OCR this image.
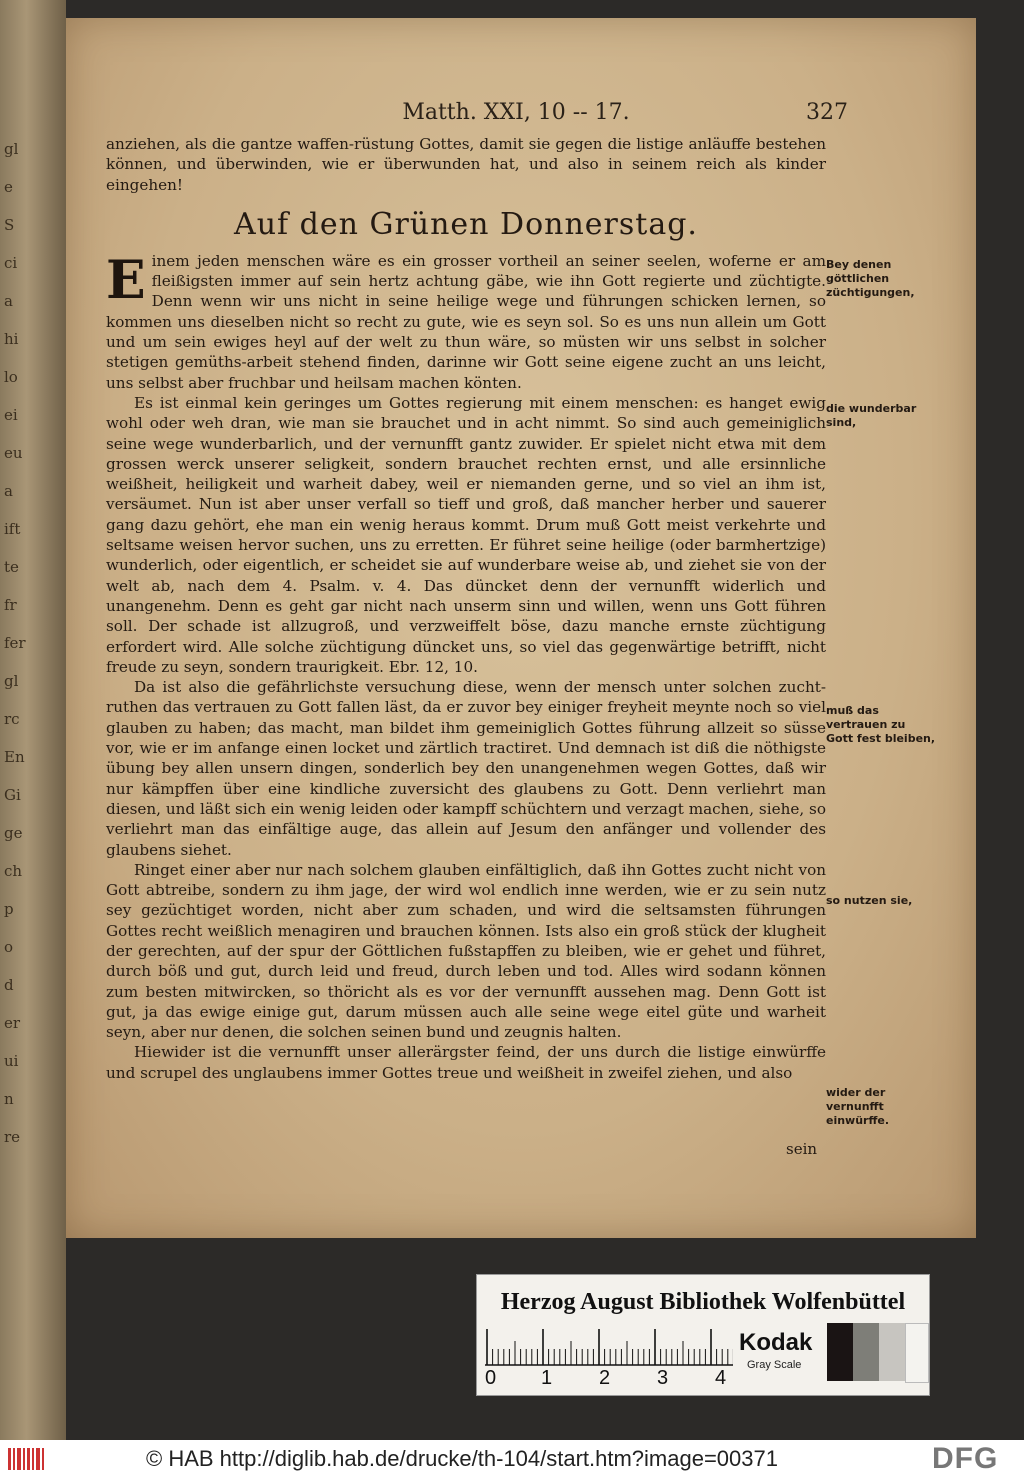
gl
e
S
ci
a
hi
lo
ei
eu
a
ift
te
fr
fer
gl
rc
En
Gi
ge
ch
p
o
d
er
ui
n
re
Matth. XXI, 10 -- 17.	327

anziehen, als die gantze waffen-rüstung Gottes, damit sie gegen die listige anläuffe bestehen können, und überwinden, wie er überwunden hat, und also in seinem reich als kinder eingehen!

Auf den Grünen Donnerstag.

Einem jeden menschen wäre es ein grosser vortheil an seiner seelen, woferne er am fleißigsten immer auf sein hertz achtung gäbe, wie ihn Gott regierte und züchtigte. Denn wenn wir uns nicht in seine heilige wege und führungen schicken lernen, so kommen uns dieselben nicht so recht zu gute, wie es seyn sol. So es uns nun allein um Gott und um sein ewiges heyl auf der welt zu thun wäre, so müsten wir uns selbst in solcher stetigen gemüths-arbeit stehend finden, darinne wir Gott seine eigene zucht an uns leicht, uns selbst aber fruchbar und heilsam machen könten.

Es ist einmal kein geringes um Gottes regierung mit einem menschen: es hanget ewig wohl oder weh dran, wie man sie brauchet und in acht nimmt. So sind auch gemeiniglich seine wege wunderbarlich, und der vernunfft gantz zuwider. Er spielet nicht etwa mit dem grossen werck unserer seligkeit, sondern brauchet rechten ernst, und alle ersinnliche weißheit, heiligkeit und warheit dabey, weil er niemanden gerne, und so viel an ihm ist, versäumet. Nun ist aber unser verfall so tieff und groß, daß mancher herber und sauerer gang dazu gehört, ehe man ein wenig heraus kommt. Drum muß Gott meist verkehrte und seltsame weisen hervor suchen, uns zu erretten. Er führet seine heilige (oder barmhertzige) wunderlich, oder eigentlich, er scheidet sie auf wunderbare weise ab, und ziehet sie von der welt ab, nach dem 4. Psalm. v. 4. Das düncket denn der vernunfft widerlich und unangenehm. Denn es geht gar nicht nach unserm sinn und willen, wenn uns Gott führen soll. Der schade ist allzugroß, und verzweiffelt böse, dazu manche ernste züchtigung erfordert wird. Alle solche züchtigung düncket uns, so viel das gegenwärtige betrifft, nicht freude zu seyn, sondern traurigkeit. Ebr. 12, 10.

Da ist also die gefährlichste versuchung diese, wenn der mensch unter solchen zucht-ruthen das vertrauen zu Gott fallen läst, da er zuvor bey einiger freyheit meynte noch so viel glauben zu haben; das macht, man bildet ihm gemeiniglich Gottes führung allzeit so süsse vor, wie er im anfange einen locket und zärtlich tractiret. Und demnach ist diß die nöthigste übung bey allen unsern dingen, sonderlich bey den unangenehmen wegen Gottes, daß wir nur kämpffen über eine kindliche zuversicht des glaubens zu Gott. Denn verliehrt man diesen, und läßt sich ein wenig leiden oder kampff schüchtern und verzagt machen, siehe, so verliehrt man das einfältige auge, das allein auf Jesum den anfänger und vollender des glaubens siehet.

Ringet einer aber nur nach solchem glauben einfältiglich, daß ihn Gottes zucht nicht von Gott abtreibe, sondern zu ihm jage, der wird wol endlich inne werden, wie er zu sein nutz sey gezüchtiget worden, nicht aber zum schaden, und wird die seltsamsten führungen Gottes recht weißlich menagiren und brauchen können. Ists also ein groß stück der klugheit der gerechten, auf der spur der Göttlichen fußstapffen zu bleiben, wie er gehet und führet, durch böß und gut, durch leid und freud, durch leben und tod. Alles wird sodann können zum besten mitwircken, so thöricht als es vor der vernunfft aussehen mag. Denn Gott ist gut, ja das ewige einige gut, darum müssen auch alle seine wege eitel güte und warheit seyn, aber nur denen, die solchen seinen bund und zeugnis halten.

Hiewider ist die vernunfft unser allerärgster feind, der uns durch die listige einwürffe und scrupel des unglaubens immer Gottes treue und weißheit in zweifel ziehen, und also

Bey denen göttlichen züchtigungen,
die wunderbar sind,
muß das vertrauen zu Gott fest bleiben,
so nutzen sie,
wider der vernunfft einwürffe.
sein
Herzog August Bibliothek Wolfenbüttel
0 1 2 3 4
Kodak
Gray Scale
© HAB http://diglib.hab.de/drucke/th-104/start.htm?image=00371	DFG
